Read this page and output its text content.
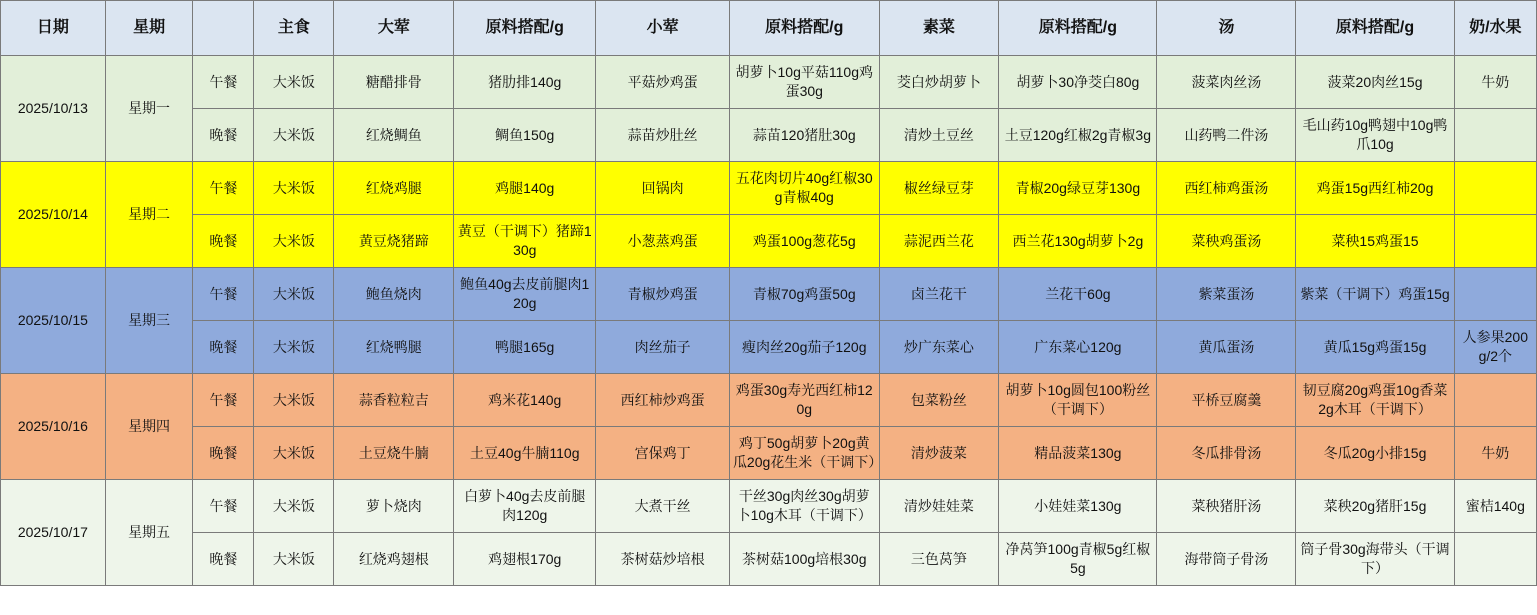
日期	星期		主食	大荤	原料搭配/g	小荤	原料搭配/g	素菜	原料搭配/g	汤	原料搭配/g	奶/水果
2025/10/13	星期一	午餐	大米饭	糖醋排骨	猪肋排140g	平菇炒鸡蛋	胡萝卜10g平菇110g鸡蛋30g	茭白炒胡萝卜	胡萝卜30净茭白80g	菠菜肉丝汤	菠菜20肉丝15g	牛奶
		晚餐	大米饭	红烧鲷鱼	鲷鱼150g	蒜苗炒肚丝	蒜苗120猪肚30g	清炒土豆丝	土豆120g红椒2g青椒3g	山药鸭二件汤	毛山药10g鸭翅中10g鸭爪10g	
2025/10/14	星期二	午餐	大米饭	红烧鸡腿	鸡腿140g	回锅肉	五花肉切片40g红椒30g青椒40g	椒丝绿豆芽	青椒20g绿豆芽130g	西红柿鸡蛋汤	鸡蛋15g西红柿20g	
		晚餐	大米饭	黄豆烧猪蹄	黄豆（干调下）猪蹄130g	小葱蒸鸡蛋	鸡蛋100g葱花5g	蒜泥西兰花	西兰花130g胡萝卜2g	菜秧鸡蛋汤	菜秧15鸡蛋15	
2025/10/15	星期三	午餐	大米饭	鲍鱼烧肉	鲍鱼40g去皮前腿肉120g	青椒炒鸡蛋	青椒70g鸡蛋50g	卤兰花干	兰花干60g	紫菜蛋汤	紫菜（干调下）鸡蛋15g	
		晚餐	大米饭	红烧鸭腿	鸭腿165g	肉丝茄子	瘦肉丝20g茄子120g	炒广东菜心	广东菜心120g	黄瓜蛋汤	黄瓜15g鸡蛋15g	人参果200g/2个
2025/10/16	星期四	午餐	大米饭	蒜香粒粒吉	鸡米花140g	西红柿炒鸡蛋	鸡蛋30g寿光西红柿120g	包菜粉丝	胡萝卜10g圆包100粉丝（干调下）	平桥豆腐羹	韧豆腐20g鸡蛋10g香菜2g木耳（干调下）	
		晚餐	大米饭	土豆烧牛腩	土豆40g牛腩110g	宫保鸡丁	鸡丁50g胡萝卜20g黄瓜20g花生米（干调下）	清炒菠菜	精品菠菜130g	冬瓜排骨汤	冬瓜20g小排15g	牛奶
2025/10/17	星期五	午餐	大米饭	萝卜烧肉	白萝卜40g去皮前腿肉120g	大煮干丝	干丝30g肉丝30g胡萝卜10g木耳（干调下）	清炒娃娃菜	小娃娃菜130g	菜秧猪肝汤	菜秧20g猪肝15g	蜜桔140g
		晚餐	大米饭	红烧鸡翅根	鸡翅根170g	茶树菇炒培根	茶树菇100g培根30g	三色莴笋	净莴笋100g青椒5g红椒5g	海带筒子骨汤	筒子骨30g海带头（干调下）	
